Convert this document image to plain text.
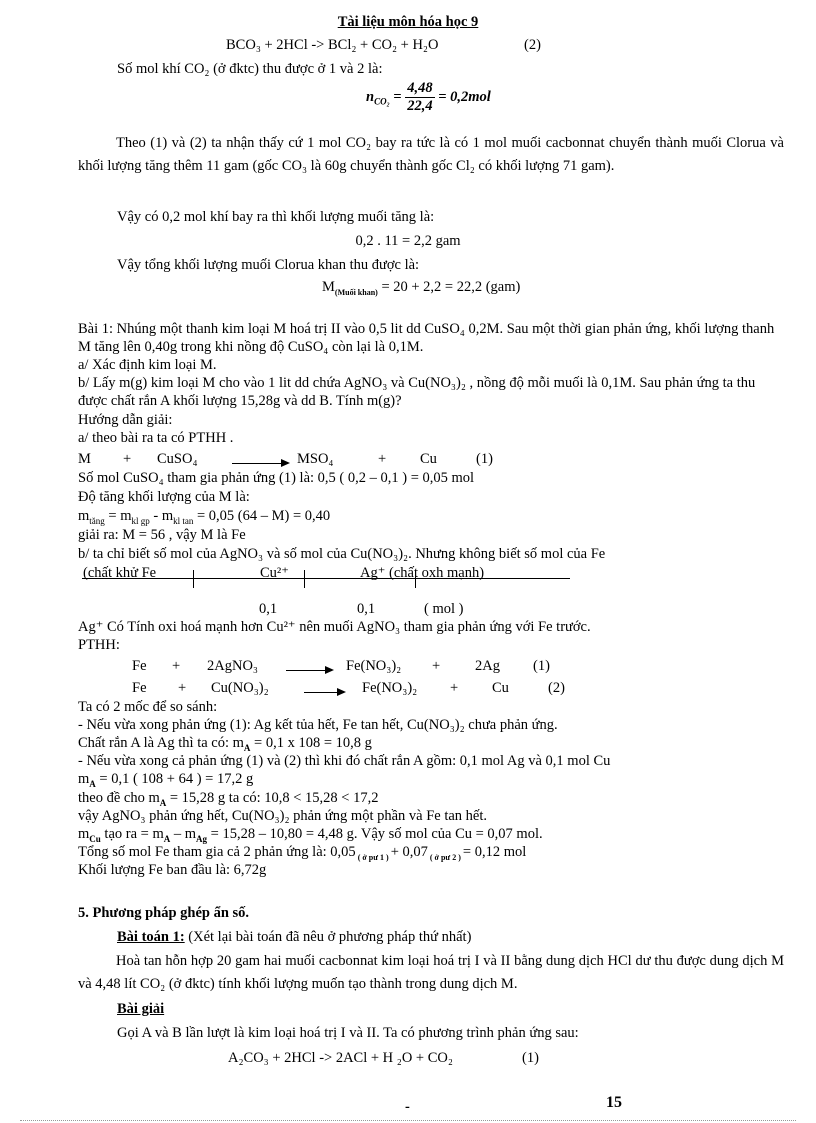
Tài liệu môn hóa học 9
BCO₃ + 2HCl -> BCl₂ + CO₂ + H₂O	(2)
Số mol khí CO₂ (ở đktc) thu được ở 1 và 2 là:
$n_{CO_2} = \frac{4,48}{22,4} = 0,2mol$
Theo (1) và (2) ta nhận thấy cứ 1 mol CO₂ bay ra tức là có 1 mol muối cacbonnat chuyển thành muối Clorua và khối lượng tăng thêm 11 gam (gốc CO₃ là 60g chuyển thành gốc Cl₂ có khối lượng 71 gam).
Vậy có 0,2 mol khí bay ra thì khối lượng muối tăng là:
0,2 . 11 = 2,2 gam
Vậy tổng khối lượng muối Clorua khan thu được là:
$M_{(Muối khan)} = 20 + 2,2 = 22,2$ (gam)
Bài 1: Nhúng một thanh kim loại M hoá trị II vào 0,5 lit dd CuSO₄ 0,2M. Sau một thời gian phản ứng, khối lượng thanh M tăng lên 0,40g trong khi nồng độ CuSO₄ còn lại là 0,1M.
a/ Xác định kim loại M.
b/ Lấy m(g) kim loại M cho vào 1 lit dd chứa AgNO₃ và Cu(NO₃)₂ , nồng độ mỗi muối là 0,1M. Sau phản ứng ta thu được chất rắn A khối lượng 15,28g và dd B. Tính m(g)?
Hướng dẫn giải:
a/ theo bài ra ta có PTHH .
M + CuSO₄	MSO₄	+ Cu	(1)
Số mol CuSO₄ tham gia phản ứng (1) là: 0,5 ( 0,2 – 0,1 ) = 0,05 mol
Độ tăng khối lượng của M là:
$m_{tăng} = m_{kl gp} - m_{kl tan} = 0,05$ (64 – M) = 0,40
giải ra: M = 56 , vậy M là Fe
b/ ta chỉ biết số mol của AgNO₃ và số mol của Cu(NO₃)₂. Nhưng không biết số mol của Fe
(chất khử Fe	Cu²⁺	Ag⁺ (chất oxh mạnh)
0,1	0,1	( mol )
Ag⁺ Có Tính oxi hoá mạnh hơn Cu²⁺ nên muối AgNO₃ tham gia phản ứng với Fe trước.
PTHH:
Fe + 2AgNO₃	Fe(NO₃)₂ + 2Ag (1)
Fe + Cu(NO₃)₂	Fe(NO₃)₂ + Cu	(2)
Ta có 2 mốc để so sánh:
- Nếu vừa xong phản ứng (1): Ag kết tủa hết, Fe tan hết, Cu(NO₃)₂ chưa phản ứng.
Chất rắn A là Ag thì ta có: $m_A = 0,1$ x 108 = 10,8 g
- Nếu vừa xong cả phản ứng (1) và (2) thì khi đó chất rắn A gồm: 0,1 mol Ag và 0,1 mol Cu
$m_A = 0,1$ ( 108 + 64 ) = 17,2 g
theo đề cho $m_A = 15,28$ g ta có: 10,8 < 15,28 < 17,2
vậy AgNO₃ phản ứng hết, Cu(NO₃)₂ phản ứng một phần và Fe tan hết.
$m_{Cu}$ tạo ra = $m_A - m_{Ag} = 15,28 - 10,80 = 4,48$ g. Vậy số mol của Cu = 0,07 mol.
Tổng số mol Fe tham gia cả 2 phản ứng là: 0,05 $_{( ở pư 1 )}$ + 0,07 $_{( ở pư 2 )}$ = 0,12 mol
Khối lượng Fe ban đầu là: 6,72g
5. Phương pháp ghép ẩn số.
Bài toán 1: (Xét lại bài toán đã nêu ở phương pháp thứ nhất)
Hoà tan hỗn hợp 20 gam hai muối cacbonnat kim loại hoá trị I và II bằng dung dịch HCl dư thu được dung dịch M và 4,48 lít CO₂ (ở đktc) tính khối lượng muốn tạo thành trong dung dịch M.
Bài giải
Gọi A và B lần lượt là kim loại hoá trị I và II. Ta có phương trình phản ứng sau:
A₂CO₃ + 2HCl -> 2ACl + H ₂O + CO₂	(1)
-	15
